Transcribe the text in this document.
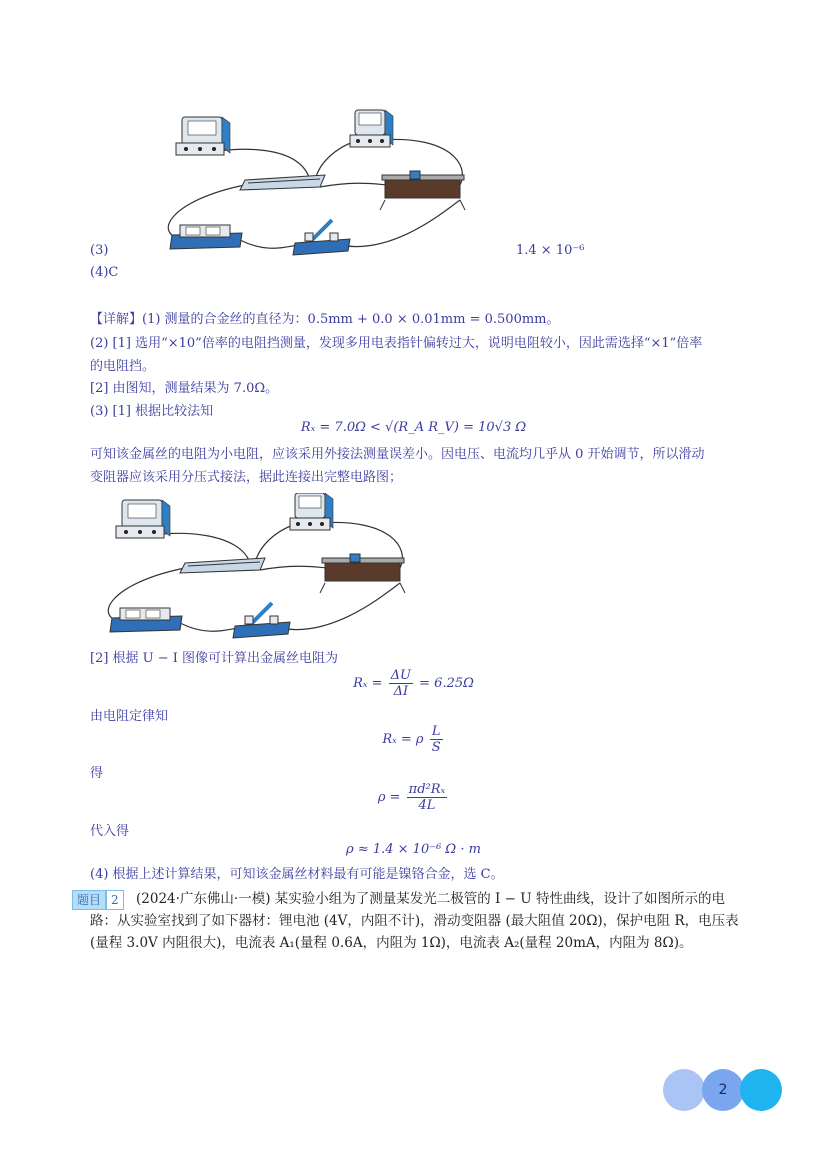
(3)	1.4 × 10⁻⁶
(4)C
【详解】(1) 测量的合金丝的直径为：0.5mm + 0.0 × 0.01mm = 0.500mm。
(2) [1] 选用“×10”倍率的电阻挡测量，发现多用电表指针偏转过大，说明电阻较小，因此需选择“×1”倍率
的电阻挡。
[2] 由图知，测量结果为 7.0Ω。
(3) [1] 根据比较法知
Rₓ = 7.0Ω < √(R_A R_V) = 10√3 Ω
可知该金属丝的电阻为小电阻，应该采用外接法测量误差小。因电压、电流均几乎从 0 开始调节，所以滑动
变阻器应该采用分压式接法，据此连接出完整电路图；
[2] 根据 U − I 图像可计算出金属丝电阻为
$R_x = \frac{\Delta U}{\Delta I} = 6.25\Omega$
由电阻定律知
Rₓ = ρ $\frac{L}{S}$
得
$\rho = \frac{\text{πd²Rₓ}}{4L}$
代入得
ρ ≈ 1.4 × 10⁻⁶ Ω · m
(4) 根据上述计算结果，可知该金属丝材料最有可能是镍铬合金，选 C。
题目 2	(2024·广东佛山·一模) 某实验小组为了测量某发光二极管的 I − U 特性曲线，设计了如图所示的电路：从实验室找到了如下器材：锂电池 (4V，内阻不计)，滑动变阻器 (最大阻值 20Ω)，保护电阻 R，电压表 (量程 3.0V 内阻很大)，电流表 A₁(量程 0.6A，内阻为 1Ω)，电流表 A₂(量程 20mA，内阻为 8Ω)。
2
